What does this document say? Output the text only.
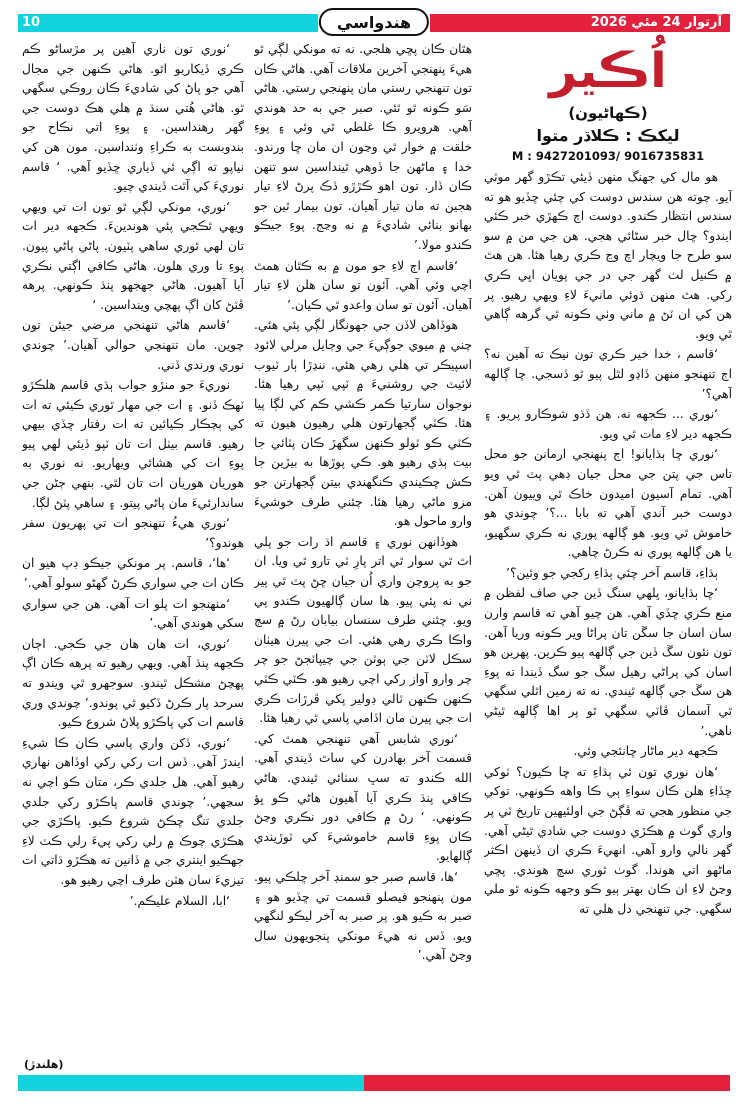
آرتوار 24 مئي 2026
10	هندواسي
اُڪير
(ڪهاڻيون)
ليکڪ : ڪلاڌر متوا
M : 9427201093/ 9016735831

هو مال کي جهنگ منهن ڏيئي تڪڙو گهر موٽي آيو. چوته هن سندس دوست کي چئي ڇڏيو هو ته سندس انتظار ڪندو. دوست اڄ ڪهڙي خبر ڪئي ايندو؟ ڇال خبر سڻائي هجي. هن جي من ۾ سو سو طرح جا ويچار اچ وڃ ڪري رهيا هئا. هن هٿ ۾ ڪنيل لٺ گهر جي در جي پويان اڀي ڪري رکي. هٿ منهن ڌوئي مانيءَ لاءِ ويهي رهيو. پر هن کي ان ٽڻ ۾ ماني وٺي ڪونه ٿي گرهه ڳاهي ٿي ويو.

‘قاسم ، خدا خير ڪري تون نيڪ ته آهين نه؟ اڄ تنهنجو منهن ڏاڍو لٿل پيو ٿو ڏسجي. ڇا ڳالهه آهي؟’

‘نوري ... ڪجهه نه. هن ڏڌو شوڪارو پريو. ۽ ڪجهه دير لاءِ مات ٿي ويو.

‘نوري ڇا ٻڌايانو! اڄ پنهنجي ارمانن جو محل تاس جي پتن جي محل جيان ڊهي پٽ ٿي ويو آهي. تمام آسيون اميدون خاڪ ٿي وييون آهن. دوست خبر آندي آهي ته بابا ...؟’ چوندي هو خاموش ٿي ويو. هو ڳالهه پوري نه ڪري سگهيو، يا هن ڳالهه پوري نه ڪرڻ چاهي.

ٻڌاءِ، قاسم آخر ڇئي ٻڌاءِ رکجي جو وئين؟’

‘ڇا ٻڌايانو، ڀلهي سنگ ڏين جي صاف لفظن ۾ منع ڪري ڇڏي آهي. هن چيو آهي ته قاسم وارن سان اسان جا سڱن تان پراڻا وير ڪونه وريا آهن. تون نئون سڱ ڏين جي ڳالهه پيو ڪرين. پهرين هو اسان کي پراڻي رهيل سڱ جو سگ ڏيندا ته پوءِ هن سڱ جي ڳالهه ٿيندي. نه ته زمين اٿلي سگهي ٿي آسمان ڦاٽي سگهي ٿو پر اها ڳالهه ٿيڻي ناهي.’

ڪجهه دير ماڻار ڇانئجي وئي.

‘هان نوري تون ئي ٻڌاءِ ته ڇا ڪيون؟ ٽوکي ڇڏاءِ هلن ڪان سواءِ ٻي ڪا واهه ڪونهي. توکي جي منظور هجي ته ڦڳڻ جي اولئيهين تاريخ ٽي پر واري گوٺ ۾ هڪڙي دوست جي شادي ٿيڻي آهي. گهر نالي وارو آهي. انهيءَ ڪري ان ڏينهن اڪثر ماڻهو اتي هوندا. گوٺ ٿوري سڄ هوندي. پڇي وڃڻ لاءِ ان ڪان بهتر ٻيو ڪو وجهه ڪونه ٿو ملي سگهي. جي تنهنجي دل هلي ته

هٿان ڪان پڇي هلجي. نه ته مونکي لڳي ٿو هيءَ پنهنجي آخرين ملاقات آهي. هاڻي ڪان تون تنهنجي رستي مان پنهنجي رستي. هاڻي سَو ڪونه ٿو ٿئي. صبر جي به حد هوندي آهي. هرويرو ڪا غلطي ٿي وئي ۽ پوءِ خلقت ۾ خوار ٿي وڃون ان مان ڇا ورندو. خدا ۽ ماڻهن جا ڏوهي ٿينداسين سو تنهن ڪان ڏار. تون اهو ڪڙڙو ڏڪ پرڻ لاءِ تيار هجين ته مان تيار آهيان. تون بيمار ٿين جو بهانو بنائي شاديءَ ۾ نه وڃج. پوءِ جيڪو ڪندو مولا.’

‘قاسم اڄ لاءِ جو مون ۾ به ڪٿان همٿ اچي وئي آهي. آئون تو سان هلن لاءِ تيار آهيان. آئون تو سان واعدو ٿي ڪيان.’

هوڏاهن لاڏن جي جهونگار لڳي پئي هئي. چني ۾ ميوي جوڳيءَ جي وڄايل مرلي لائوڊ اسپيڪر تي هلي رهي هئي. ننڍڙا ٻار ٽيوب لائيٽ جي روشنيءَ ۾ ٽپي ٽپي رهيا هئا. نوجوان سارتيا ڪمر ڪشي ڪم کي لڳا پيا هئا. ڪٽي ڳجهارتون هلي رهيون هيون ته ڪٽي ڪو ٽولو ڪنهن سگهڙ ڪان پٽائي جا بيت ٻڌي رهيو هو. ڪي پوڙها به بيڙين جا ڪش ڇڪيندي ڪنگهندي بيتن ڳجهارتن جو مزو ماڻي رهيا هئا. چئني طرف خوشيءَ وارو ماحول هو.

هوڏانهن نوري ۽ قاسم اڌ رات جو پلي اٿ ٿي سوار ٿي اتر پارِ ٽي تارو ٿي ويا. ان جو به پروچن واري اُن جيان ڇڻ پٽ ٿي پير ني نه پئي پيو. ها سان ڳالهيون ڪندو پي ويو. چئني طرف سنسان بيابان رڻ ۾ سڄ واڪا ڪري رهي هئي. ات جي پيرن هيٺان سڪل لاٽن جي ٻوٽن جي چيپاٽجڻ جو چر چر وارو آواز رکي اچي رهيو هو. ڪٽي ڪٽي ڪنهن ڪنهن ٽالي ڊولير پکي ڦرڙات ڪري ات جي پيرن مان اڏامي پاسي ٿي رهيا هئا.

‘نوري شابس آهي تنهنجي همٿ کي. قسمت آخر بهادرن کي ساٿ ڏيندي آهي. الله ڪندو ته سڀ سٺائي ٿيندي. هاڻي ڪافي پنڌ ڪري آيا آهيون هاڻي ڪو ڀؤ ڪونهي. ‘ رڻ ۾ ڪافي دور نڪري وڃڻ ڪان پوءِ قاسم خاموشيءَ کي ٽوڙيندي ڳالهايو.

‘ها، قاسم صبر جو سمنڊ آخر ڇلڪي پيو. مون پنهنجو فيصلو قسمت تي ڇڏيو هو ۽ صبر به ڪيو هو. پر صبر به آخر ليڪو لنگهي ويو. ڏس نه هيءَ مونکي پنجويهون سال وڃڻ آهي.’

‘نوري تون ناري آهين پر مڙساڻو ڪم ڪري ڏيکاريو اٿو. هاڻي ڪنهن جي مجال آهي جو پاڻ کي شاديءَ ڪان روڪي سگهي ٿو. هاڻي هُتي سنڌ ۾ هلي هڪ دوست جي گهر رهنداسين. ۽ پوءِ اتي نڪاح جو بندوبست به ڪراءِ وٺنداسين. مون هن کي نياپو ته اڳي ئي ڏياري ڇڏيو آهي. ‘ قاسم نوريءَ کي آٿت ڏيندي چيو.

‘نوري، مونکي لڳي ٿو تون ات تي ويهي ويهي ٿڪجي پئي هوندينءَ. ڪجهه دير ات تان لهي ٿوري ساهي پٽيون. پاڻي پاڻي پيون. پوءِ تا وري هلون. هاڻي ڪافي اڳتي نڪري آيا آهيون. هاڻي جهجهو پنڌ ڪونهي. پرهه ڦٽڻ کان اڳ پهچي وينداسين. ‘

‘قاسم هاڻي تنهنجي مرضي جيئن تون چوين. مان تنهنجي حوالي آهيان.’ چوندي نوري ورندي ڏني.

نوريءَ جو منڙو جواب ٻڌي قاسم هلڪڙو ٽهڪ ڏنو. ۽ ات جي مهار ٿوري ڪيئي ته ات کي ٻچڪار ڪيائين ته ات رفتار ڇڏي بيهي رهيو. قاسم بيٺل ات تان ٽپو ڏيئي لهي پيو پوءِ ات کي هشائي ويهاريو. نه نوري به هوريان هوريان ات تان لٿي. بنهي ڄڻن جي ساندارئيءَ مان پاڻي پيتو. ۽ ساهي پٽڻ لڳا.

‘نوري هيءُ تنهنجو ات تي پهريون سفر هوندو؟’

‘ها‘، قاسم. پر مونکي جيڪو ڊپ هيو ان ڪان ات جي سواري ڪرڻ گهڻو سولو آهي.’

‘منهنجو ات پلو ات آهي. هن جي سواري سکي هوندي آهي.’

‘نوري، ات هان هان جي ڪجي. اڄان ڪجهه پنڌ آهي. ويهي رهيو ته پرهه ڪان اڳ پهچڻ مشڪل ٿيندو. سوجهرو ٿي ويندو ته سرحد پار ڪرڻ ڏکيو ٿي پوندو.’ چوندي وري قاسم ات کي پاڪڙو پلاڻ شروع ڪيو.

‘نوري، ڏکن واري پاسي ڪان ڪا شيءِ ايندڙ آهي. ڏس ات رکي رکي اوڏاهن نهاري رهيو آهي. هل جلدي ڪر، متان ڪو اچي نه سڃهي.’ چوندي قاسم پاڪڙو رکي جلدي جلدي تنگ ڇڪڻ شروع ڪيو. پاڪڙي جي هڪڙي چوڪ ۾ رلي رکي پيءَ رلي ڪٽ لاءِ جهڪيو اينتري جي ۾ ڏانين ته هڪڙو ڌاتي ات تيزيءَ سان هٽن طرف اچي رهيو هو.

‘ابا، السلام عليڪم.’

(هلندڙ)
